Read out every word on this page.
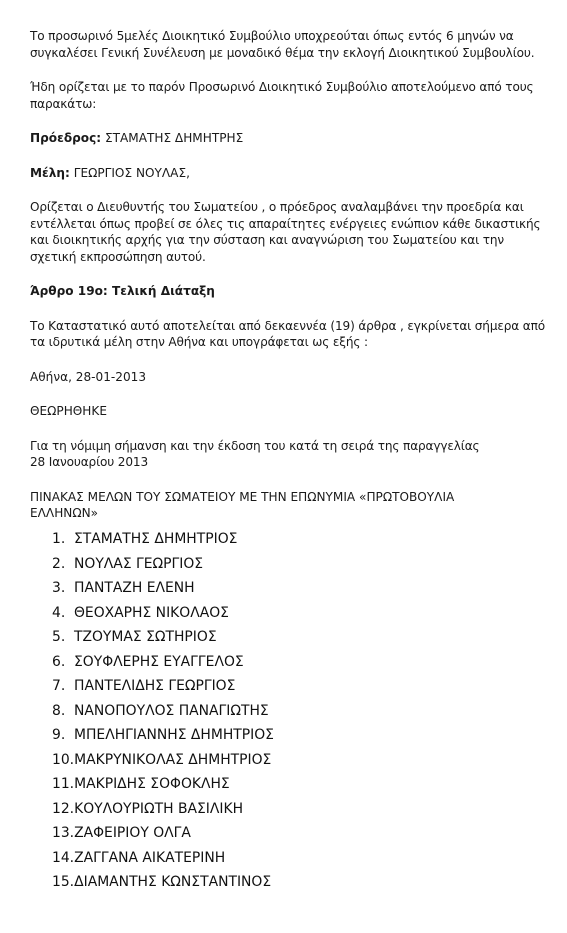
Το προσωρινό 5μελές Διοικητικό Συμβούλιο υποχρεούται όπως εντός 6 μηνών να
συγκαλέσει Γενική Συνέλευση με μοναδικό θέμα την εκλογή Διοικητικού Συμβουλίου.

Ήδη ορίζεται με το παρόν Προσωρινό Διοικητικό Συμβούλιο αποτελούμενο από τους
παρακάτω:

Πρόεδρος: ΣΤΑΜΑΤΗΣ ΔΗΜΗΤΡΗΣ

Μέλη: ΓΕΩΡΓΙΟΣ ΝΟΥΛΑΣ,

Ορίζεται ο Διευθυντής του Σωματείου , ο πρόεδρος αναλαμβάνει την προεδρία και
εντέλλεται όπως προβεί σε όλες τις απαραίτητες ενέργειες ενώπιον κάθε δικαστικής
και διοικητικής αρχής για την σύσταση και αναγνώριση του Σωματείου και την
σχετική εκπροσώπηση αυτού.

Άρθρο 19ο: Τελική Διάταξη

Το Καταστατικό αυτό αποτελείται από δεκαεννέα (19) άρθρα , εγκρίνεται σήμερα από
τα ιδρυτικά μέλη στην Αθήνα και υπογράφεται ως εξής :

Αθήνα, 28-01-2013

ΘΕΩΡΗΘΗΚΕ

Για τη νόμιμη σήμανση και την έκδοση του κατά τη σειρά της παραγγελίας
28 Ιανουαρίου 2013

ΠΙΝΑΚΑΣ ΜΕΛΩΝ ΤΟΥ ΣΩΜΑΤΕΙΟΥ ΜΕ ΤΗΝ ΕΠΩΝΥΜΙΑ «ΠΡΩΤΟΒΟΥΛΙΑ
ΕΛΛΗΝΩΝ»

1. ΣΤΑΜΑΤΗΣ ΔΗΜΗΤΡΙΟΣ
2. ΝΟΥΛΑΣ ΓΕΩΡΓΙΟΣ
3. ΠΑΝΤΑΖΗ ΕΛΕΝΗ
4. ΘΕΟΧΑΡΗΣ ΝΙΚΟΛΑΟΣ
5. ΤΖΟΥΜΑΣ ΣΩΤΗΡΙΟΣ
6. ΣΟΥΦΛΕΡΗΣ ΕΥΑΓΓΕΛΟΣ
7. ΠΑΝΤΕΛΙΔΗΣ ΓΕΩΡΓΙΟΣ
8. ΝΑΝΟΠΟΥΛΟΣ ΠΑΝΑΓΙΩΤΗΣ
9. ΜΠΕΛΗΓΙΑΝΝΗΣ ΔΗΜΗΤΡΙΟΣ
10.ΜΑΚΡΥΝΙΚΟΛΑΣ ΔΗΜΗΤΡΙΟΣ
11.ΜΑΚΡΙΔΗΣ ΣΟΦΟΚΛΗΣ
12.ΚΟΥΛΟΥΡΙΩΤΗ ΒΑΣΙΛΙΚΗ
13.ΖΑΦΕΙΡΙΟΥ ΟΛΓΑ
14.ΖΑΓΓΑΝΑ ΑΙΚΑΤΕΡΙΝΗ
15.ΔΙΑΜΑΝΤΗΣ ΚΩΝΣΤΑΝΤΙΝΟΣ
